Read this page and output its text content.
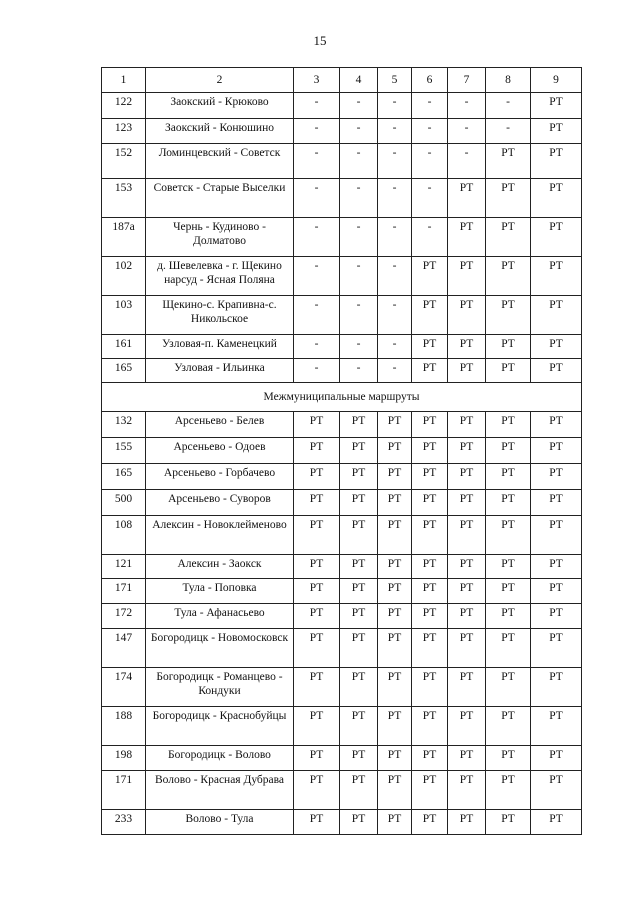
15
1	2	3	4	5	6	7	8	9
122	Заокский - Крюково	-	-	-	-	-	-	РТ
123	Заокский - Конюшино	-	-	-	-	-	-	РТ
152	Ломинцевский - Советск	-	-	-	-	-	РТ	РТ
153	Советск - Старые Выселки	-	-	-	-	РТ	РТ	РТ
187а	Чернь - Кудиново - Долматово	-	-	-	-	РТ	РТ	РТ
102	д. Шевелевка - г. Щекино нарсуд - Ясная Поляна	-	-	-	РТ	РТ	РТ	РТ
103	Щекино-с. Крапивна-с. Никольское	-	-	-	РТ	РТ	РТ	РТ
161	Узловая-п. Каменецкий	-	-	-	РТ	РТ	РТ	РТ
165	Узловая - Ильинка	-	-	-	РТ	РТ	РТ	РТ
Межмуниципальные маршруты								
132	Арсеньево - Белев	РТ	РТ	РТ	РТ	РТ	РТ	РТ
155	Арсеньево - Одоев	РТ	РТ	РТ	РТ	РТ	РТ	РТ
165	Арсеньево - Горбачево	РТ	РТ	РТ	РТ	РТ	РТ	РТ
500	Арсеньево - Суворов	РТ	РТ	РТ	РТ	РТ	РТ	РТ
108	Алексин - Новоклейменово	РТ	РТ	РТ	РТ	РТ	РТ	РТ
121	Алексин - Заокск	РТ	РТ	РТ	РТ	РТ	РТ	РТ
171	Тула - Поповка	РТ	РТ	РТ	РТ	РТ	РТ	РТ
172	Тула - Афанасьево	РТ	РТ	РТ	РТ	РТ	РТ	РТ
147	Богородицк - Новомосковск	РТ	РТ	РТ	РТ	РТ	РТ	РТ
174	Богородицк - Романцево - Кондуки	РТ	РТ	РТ	РТ	РТ	РТ	РТ
188	Богородицк - Краснобуйцы	РТ	РТ	РТ	РТ	РТ	РТ	РТ
198	Богородицк - Волово	РТ	РТ	РТ	РТ	РТ	РТ	РТ
171	Волово - Красная Дубрава	РТ	РТ	РТ	РТ	РТ	РТ	РТ
233	Волово - Тула	РТ	РТ	РТ	РТ	РТ	РТ	РТ
